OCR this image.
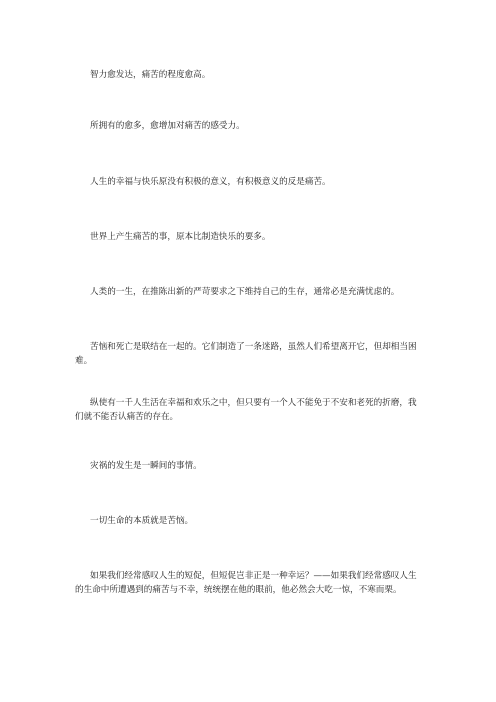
智力愈发达，痛苦的程度愈高。

所拥有的愈多，愈增加对痛苦的感受力。

人生的幸福与快乐原没有积极的意义，有积极意义的反是痛苦。

世界上产生痛苦的事，原本比制造快乐的要多。

人类的一生，在推陈出新的严苛要求之下维持自己的生存，通常必是充满忧虑的。

苦恼和死亡是联结在一起的。它们制造了一条迷路，虽然人们希望离开它，但却相当困难。

纵使有一千人生活在幸福和欢乐之中，但只要有一个人不能免于不安和老死的折磨，我们就不能否认痛苦的存在。

灾祸的发生是一瞬间的事情。

一切生命的本质就是苦恼。

如果我们经常感叹人生的短促，但短促岂非正是一种幸运？——如果我们经常感叹人生的生命中所遭遇到的痛苦与不幸，统统摆在他的眼前，他必然会大吃一惊，不寒而栗。
